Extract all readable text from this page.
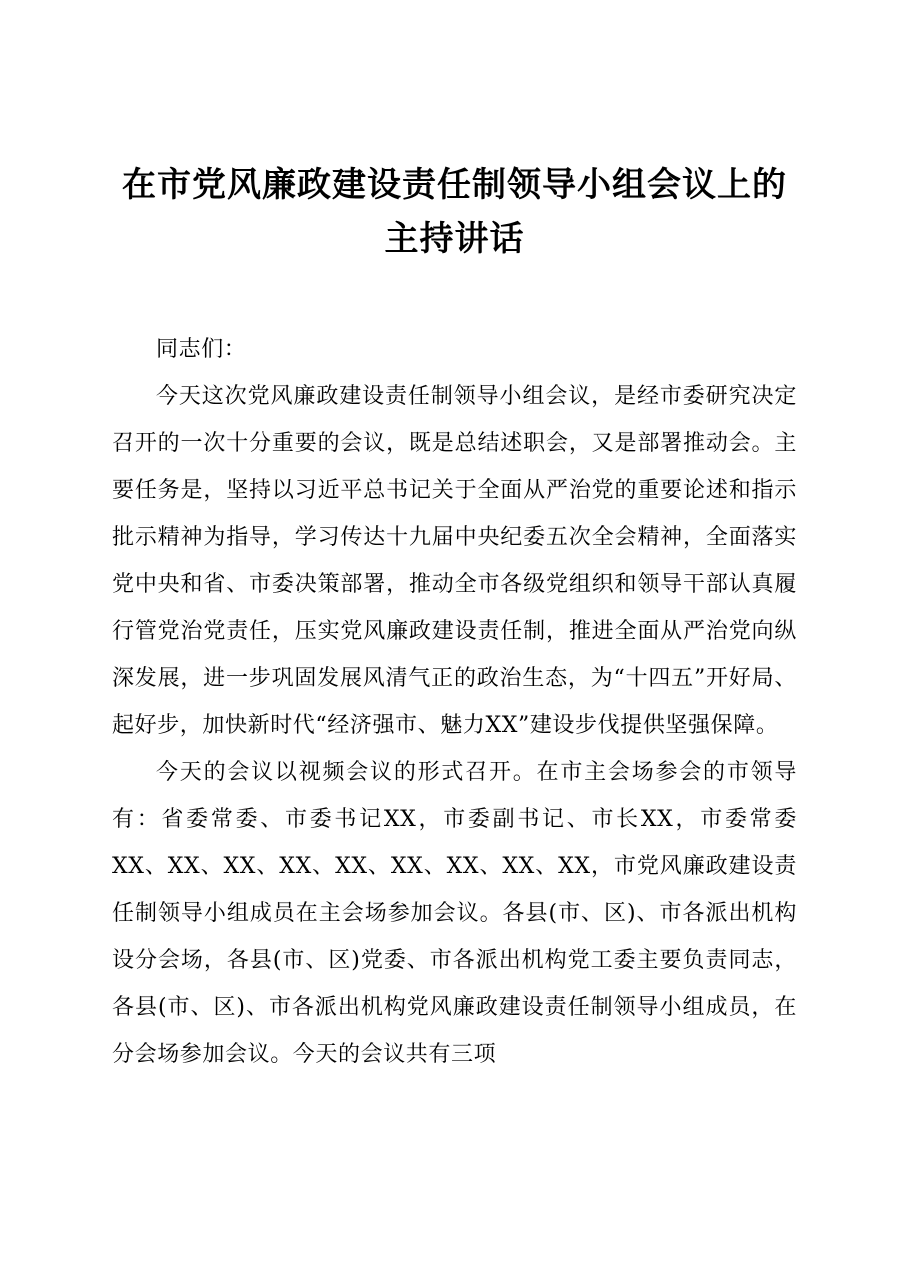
在市党风廉政建设责任制领导小组会议上的主持讲话

同志们：

今天这次党风廉政建设责任制领导小组会议，是经市委研究决定召开的一次十分重要的会议，既是总结述职会，又是部署推动会。主要任务是，坚持以习近平总书记关于全面从严治党的重要论述和指示批示精神为指导，学习传达十九届中央纪委五次全会精神，全面落实党中央和省、市委决策部署，推动全市各级党组织和领导干部认真履行管党治党责任，压实党风廉政建设责任制，推进全面从严治党向纵深发展，进一步巩固发展风清气正的政治生态，为“十四五”开好局、起好步，加快新时代“经济强市、魅力XX”建设步伐提供坚强保障。

今天的会议以视频会议的形式召开。在市主会场参会的市领导有：省委常委、市委书记XX，市委副书记、市长XX，市委常委XX、XX、XX、XX、XX、XX、XX、XX、XX，市党风廉政建设责任制领导小组成员在主会场参加会议。各县(市、区)、市各派出机构设分会场，各县(市、区)党委、市各派出机构党工委主要负责同志，各县(市、区)、市各派出机构党风廉政建设责任制领导小组成员，在分会场参加会议。今天的会议共有三项
